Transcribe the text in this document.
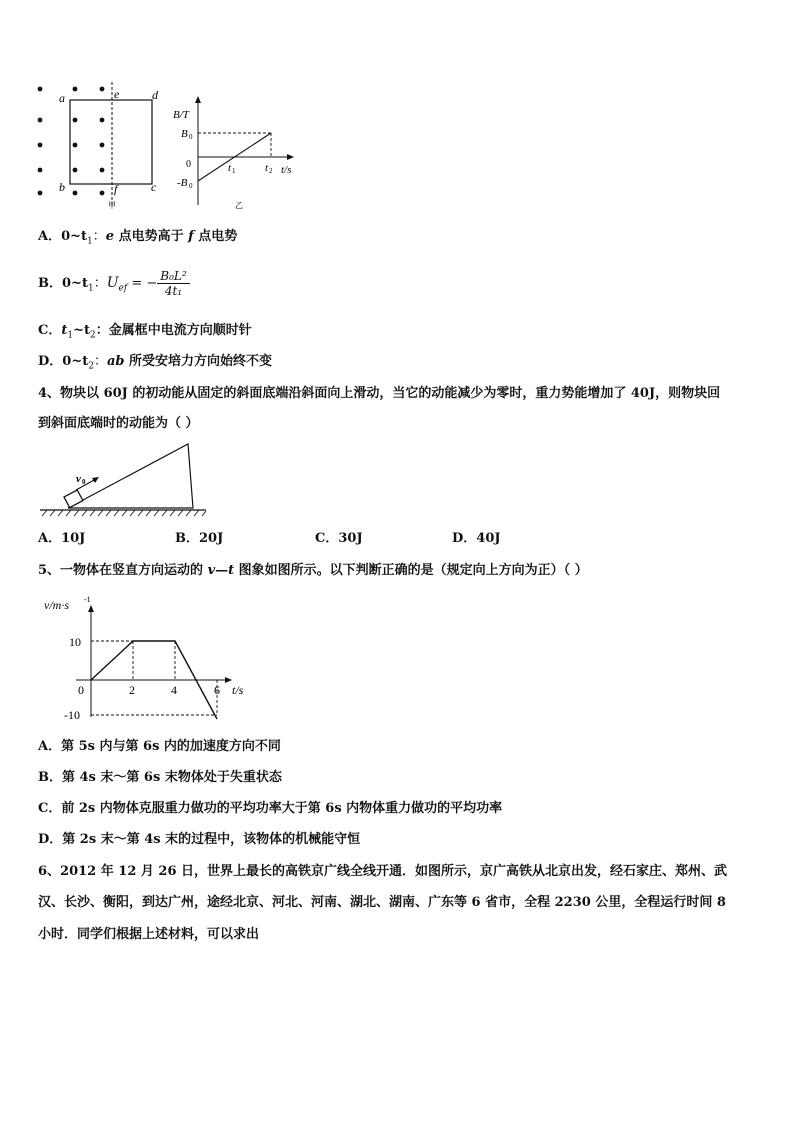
a
b	c
d
e
f
甲
B/T
B 0
-B 0
0	t 1	t 2 t/s
乙
A．$0\sim t_1$：e 点电势高于 f 点电势
B．$0\sim t_1$：$U_{ef}$ = − $\frac{\text{B₀L²}}{\text{4t₁}}$
C．$t_1\sim t_2$：金属框中电流方向顺时针
D．$0\sim t_2$：ab 所受安培力方向始终不变
4、物块以 60J 的初动能从固定的斜面底端沿斜面向上滑动，当它的动能减少为零时，重力势能增加了 40J，则物块回
到斜面底端时的动能为（ ）
v 0
A．10J	B．20J	C．30J	D．40J
5、一物体在竖直方向运动的 v—t 图象如图所示。以下判断正确的是（规定向上方向为正）（ ）
v/m·s -1
10
-10
0	2	4	6 t/s
A．第 5s 内与第 6s 内的加速度方向不同
B．第 4s 末～第 6s 末物体处于失重状态
C．前 2s 内物体克服重力做功的平均功率大于第 6s 内物体重力做功的平均功率
D．第 2s 末～第 4s 末的过程中，该物体的机械能守恒
6、2012 年 12 月 26 日，世界上最长的高铁京广线全线开通．如图所示，京广高铁从北京出发，经石家庄、郑州、武
汉、长沙、衡阳，到达广州，途经北京、河北、河南、湖北、湖南、广东等 6 省市，全程 2230 公里，全程运行时间 8
小时．同学们根据上述材料，可以求出
